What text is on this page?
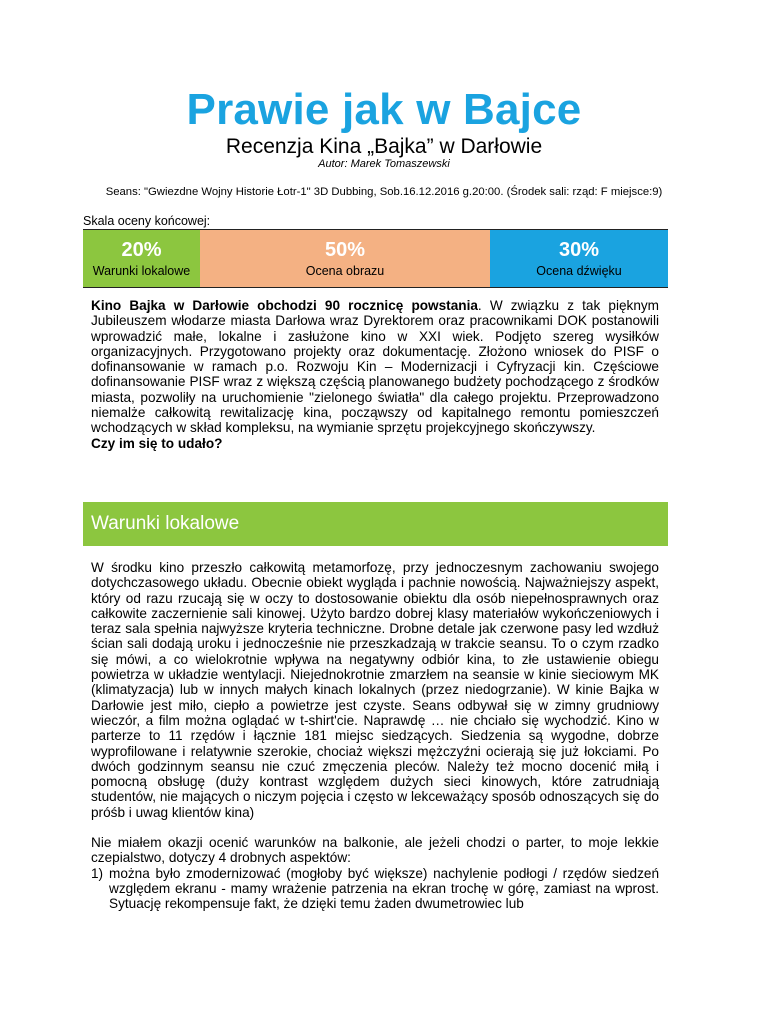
Prawie jak w Bajce
Recenzja Kina „Bajka” w Darłowie
Autor: Marek Tomaszewski
Seans: "Gwiezdne Wojny Historie Łotr-1" 3D Dubbing, Sob.16.12.2016 g.20:00. (Środek sali: rząd: F miejsce:9)
Skala oceny końcowej:
20%
Warunki lokalowe
50%
Ocena obrazu
30%
Ocena dźwięku

Kino Bajka w Darłowie obchodzi 90 rocznicę powstania. W związku z tak pięknym Jubileuszem włodarze miasta Darłowa wraz Dyrektorem oraz pracownikami DOK postanowili wprowadzić małe, lokalne i zasłużone kino w XXI wiek. Podjęto szereg wysiłków organizacyjnych. Przygotowano projekty oraz dokumentację. Złożono wniosek do PISF o dofinansowanie w ramach p.o. Rozwoju Kin – Modernizacji i Cyfryzacji kin. Częściowe dofinansowanie PISF wraz z większą częścią planowanego budżety pochodzącego z środków miasta, pozwoliły na uruchomienie "zielonego światła" dla całego projektu. Przeprowadzono niemalże całkowitą rewitalizację kina, począwszy od kapitalnego remontu pomieszczeń wchodzących w skład kompleksu, na wymianie sprzętu projekcyjnego skończywszy.

Czy im się to udało?

Warunki lokalowe

W środku kino przeszło całkowitą metamorfozę, przy jednoczesnym zachowaniu swojego dotychczasowego układu. Obecnie obiekt wygląda i pachnie nowością. Najważniejszy aspekt, który od razu rzucają się w oczy to dostosowanie obiektu dla osób niepełnosprawnych oraz całkowite zaczernienie sali kinowej. Użyto bardzo dobrej klasy materiałów wykończeniowych i teraz sala spełnia najwyższe kryteria techniczne. Drobne detale jak czerwone pasy led wzdłuż ścian sali dodają uroku i jednocześnie nie przeszkadzają w trakcie seansu. To o czym rzadko się mówi, a co wielokrotnie wpływa na negatywny odbiór kina, to złe ustawienie obiegu powietrza w układzie wentylacji. Niejednokrotnie zmarzłem na seansie w kinie sieciowym MK (klimatyzacja) lub w innych małych kinach lokalnych (przez niedogrzanie). W kinie Bajka w Darłowie jest miło, ciepło a powietrze jest czyste. Seans odbywał się w zimny grudniowy wieczór, a film można oglądać w t-shirt'cie. Naprawdę … nie chciało się wychodzić. Kino w parterze to 11 rzędów i łącznie 181 miejsc siedzących. Siedzenia są wygodne, dobrze wyprofilowane i relatywnie szerokie, chociaż większi mężczyźni ocierają się już łokciami. Po dwóch godzinnym seansu nie czuć zmęczenia pleców. Należy też mocno docenić miłą i pomocną obsługę (duży kontrast względem dużych sieci kinowych, które zatrudniają studentów, nie mających o niczym pojęcia i często w lekceważący sposób odnoszących się do próśb i uwag klientów kina)

Nie miałem okazji ocenić warunków na balkonie, ale jeżeli chodzi o parter, to moje lekkie czepialstwo, dotyczy 4 drobnych aspektów:

1) można było zmodernizować (mogłoby być większe) nachylenie podłogi / rzędów siedzeń względem ekranu - mamy wrażenie patrzenia na ekran trochę w górę, zamiast na wprost. Sytuację rekompensuje fakt, że dzięki temu żaden dwumetrowiec lub
